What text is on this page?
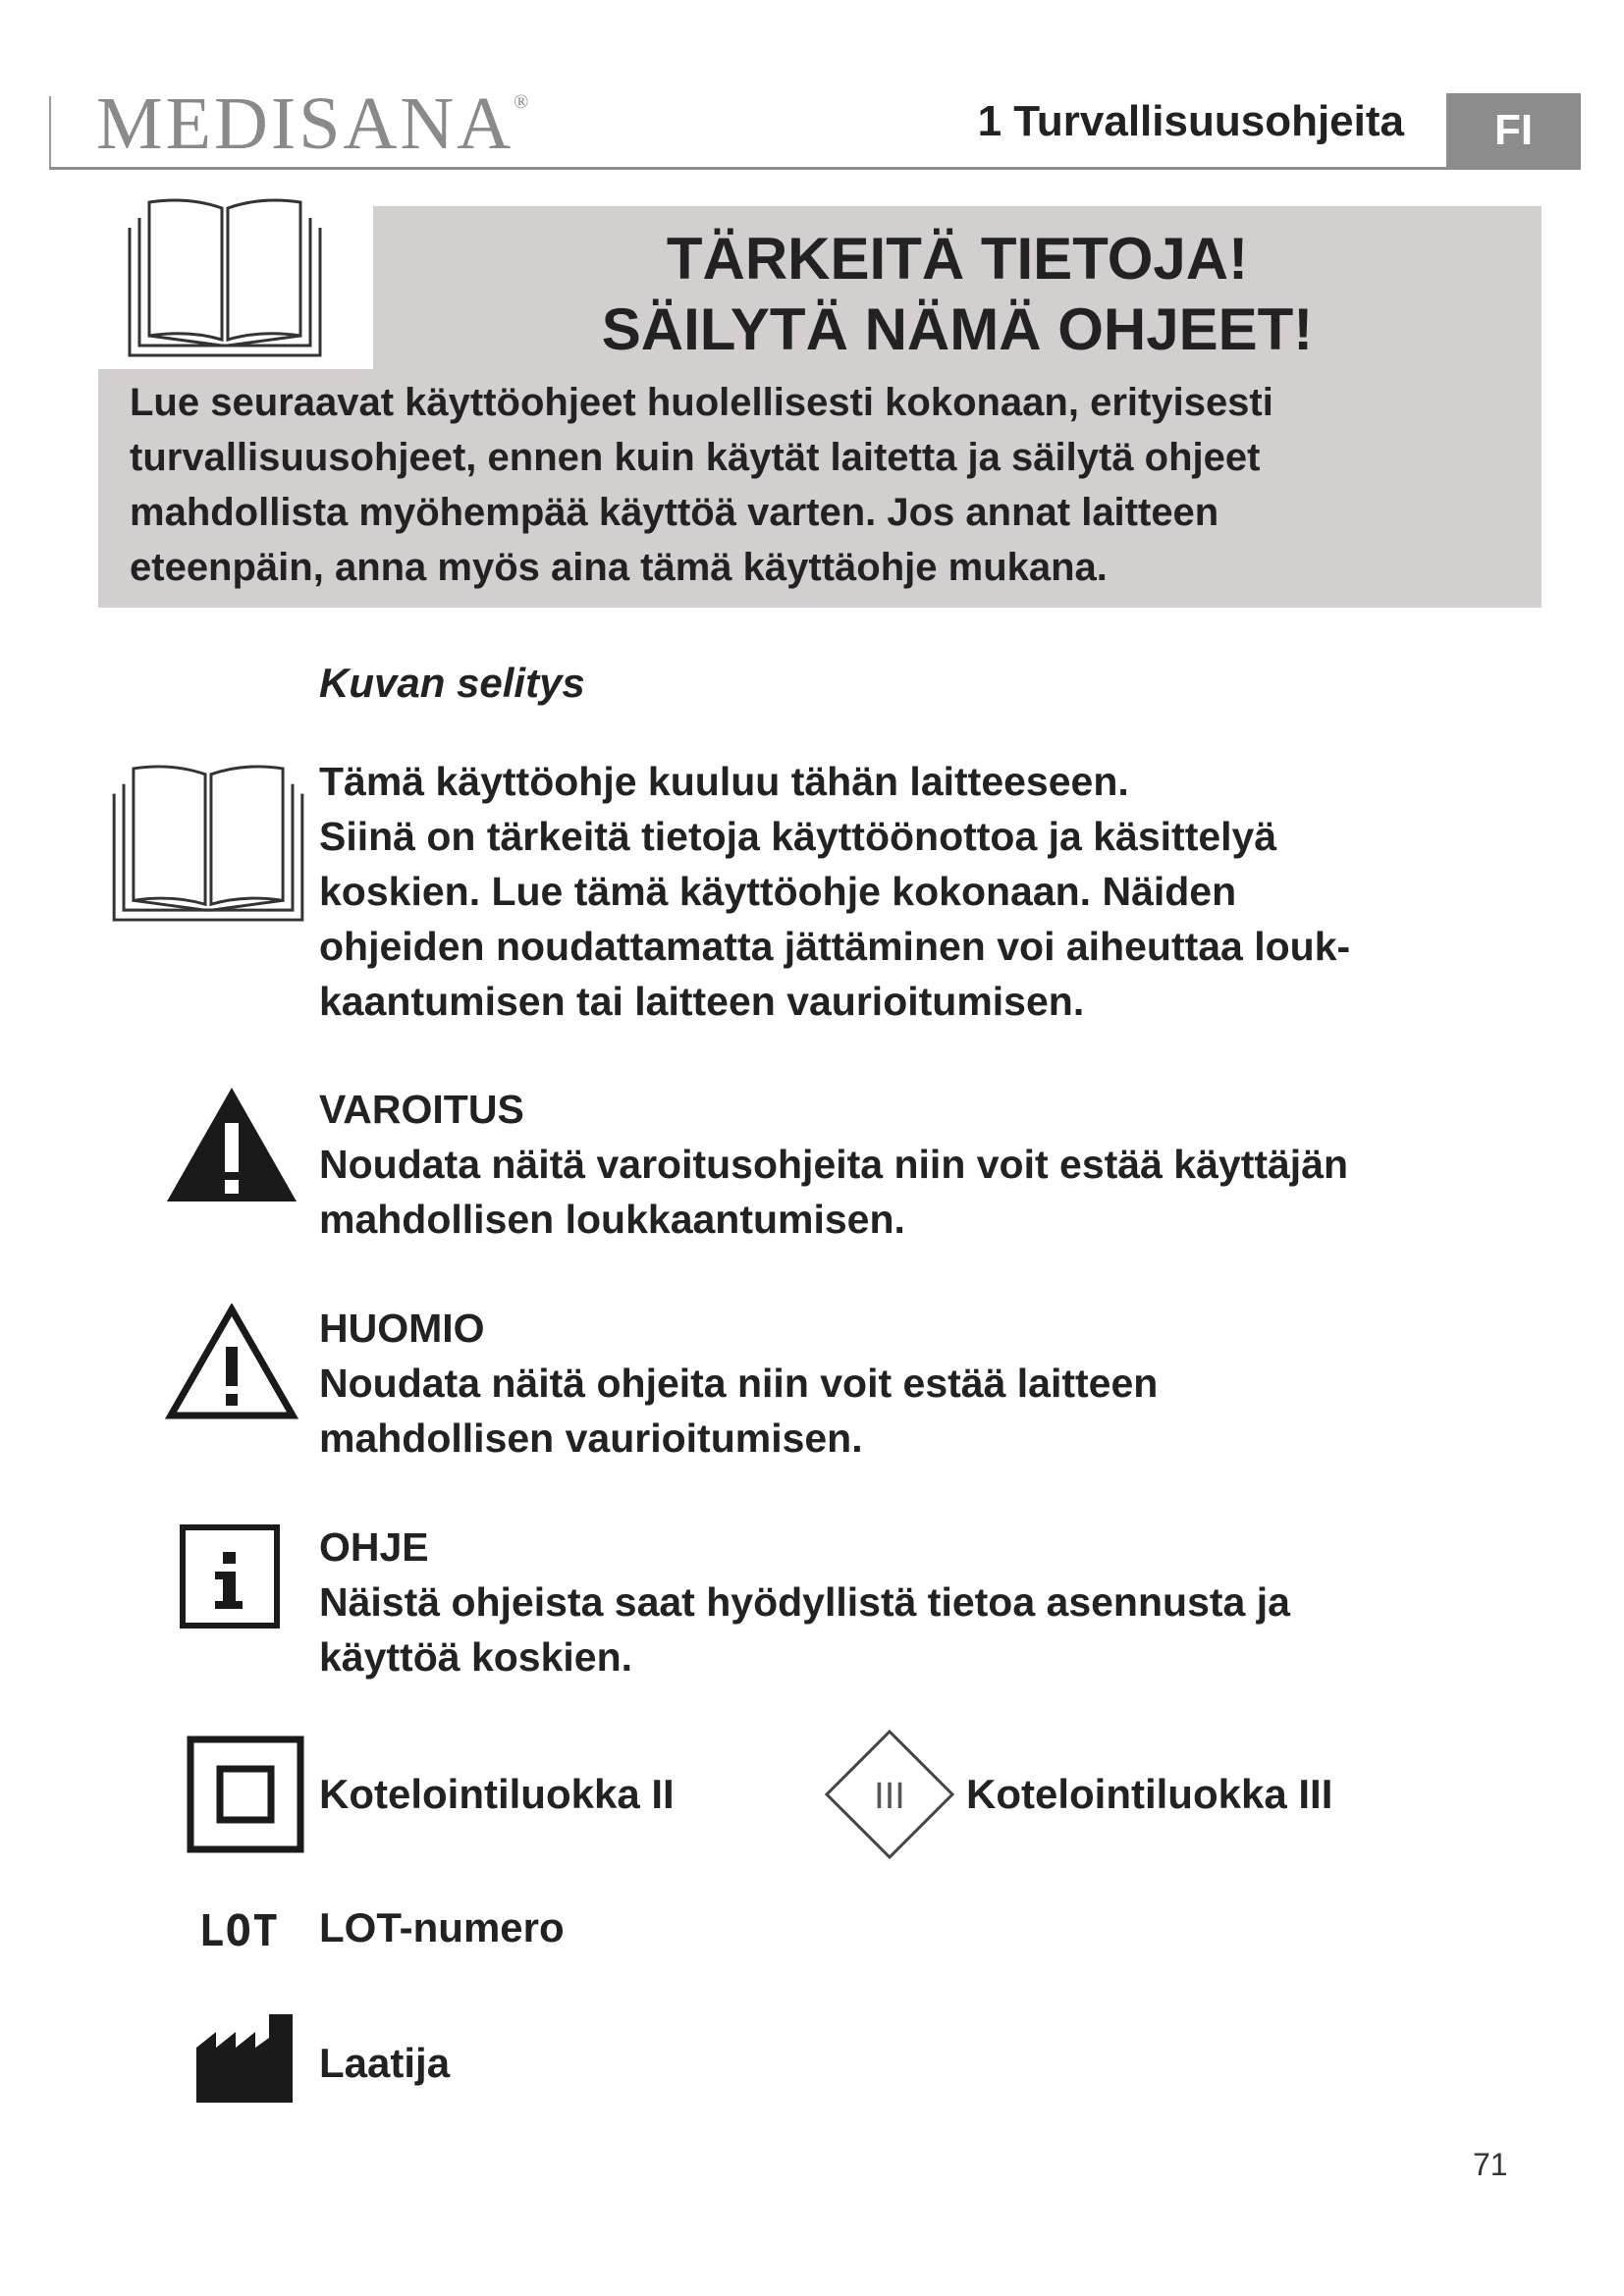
MEDISANA®	1 Turvallisuusohjeita	FI
TÄRKEITÄ TIETOJA!
SÄILYTÄ NÄMÄ OHJEET!
Lue seuraavat käyttöohjeet huolellisesti kokonaan, erityisesti
turvallisuusohjeet, ennen kuin käytät laitetta ja säilytä ohjeet
mahdollista myöhempää käyttöä varten. Jos annat laitteen
eteenpäin, anna myös aina tämä käyttäohje mukana.
Kuvan selitys
Tämä käyttöohje kuuluu tähän laitteeseen.
Siinä on tärkeitä tietoja käyttöönottoa ja käsittelyä
koskien. Lue tämä käyttöohje kokonaan. Näiden
ohjeiden noudattamatta jättäminen voi aiheuttaa louk-
kaantumisen tai laitteen vaurioitumisen.
VAROITUS
Noudata näitä varoitusohjeita niin voit estää käyttäjän
mahdollisen loukkaantumisen.
HUOMIO
Noudata näitä ohjeita niin voit estää laitteen
mahdollisen vaurioitumisen.
OHJE
Näistä ohjeista saat hyödyllistä tietoa asennusta ja
käyttöä koskien.
Kotelointiluokka II	III Kotelointiluokka III
LOT LOT-numero
Laatija
71
